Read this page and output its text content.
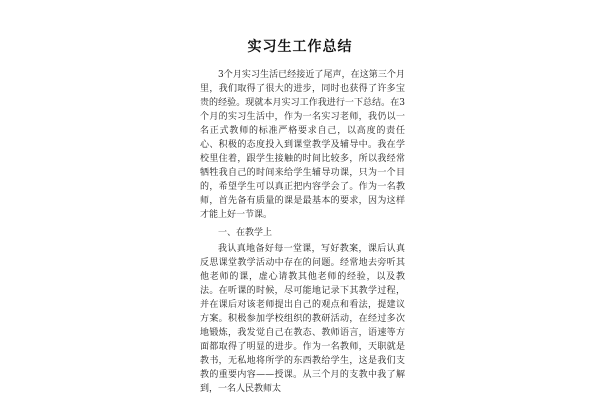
实习生工作总结

3个月实习生活已经接近了尾声，在这第三个月里，我们取得了很大的进步，同时也获得了许多宝贵的经验。现就本月实习工作我进行一下总结。在3个月的实习生活中，作为一名实习老师，我仍以一名正式教师的标准严格要求自己，以高度的责任心、积极的态度投入到课堂教学及辅导中。我在学校里住着，跟学生接触的时间比较多，所以我经常牺牲我自己的时间来给学生辅导功课，只为一个目的，希望学生可以真正把内容学会了。作为一名教师，首先备有质量的课是最基本的要求，因为这样才能上好一节课。

一、在教学上

我认真地备好每一堂课，写好教案，课后认真反思课堂教学活动中存在的问题。经常地去旁听其他老师的课，虚心请教其他老师的经验，以及教法。在听课的时候，尽可能地记录下其教学过程，并在课后对该老师提出自己的观点和看法，提建议方案。积极参加学校组织的教研活动，在经过多次地锻炼，我发觉自己在教态、教师语言，语速等方面都取得了明显的进步。作为一名教师，天职就是教书，无私地将所学的东西教给学生，这是我们支教的重要内容——授课。从三个月的支教中我了解到，一名人民教师太
